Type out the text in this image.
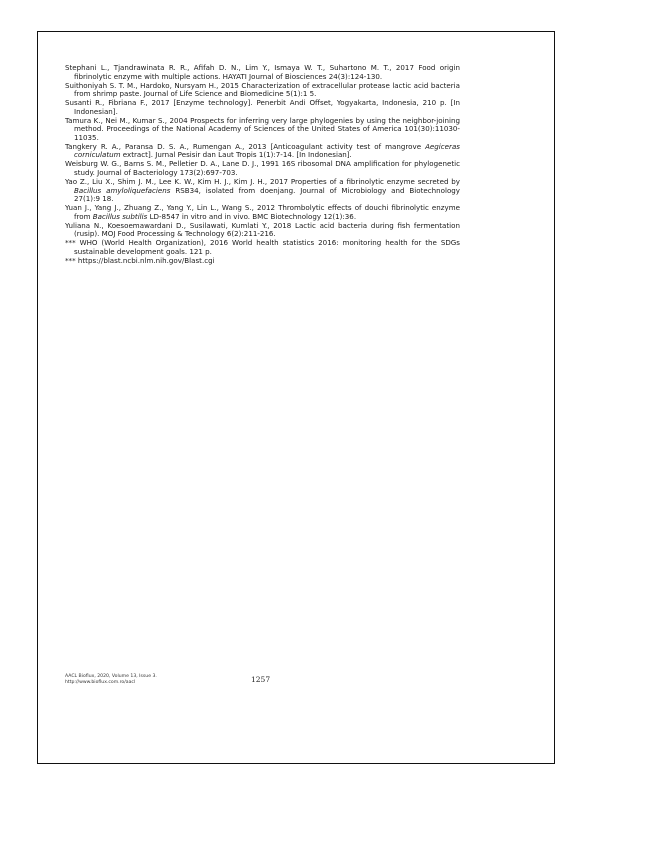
Stephani L., Tjandrawinata R. R., Afifah D. N., Lim Y., Ismaya W. T., Suhartono M. T., 2017 Food origin fibrinolytic enzyme with multiple actions. HAYATI Journal of Biosciences 24(3):124-130.
Suithoniyah S. T. M., Hardoko, Nursyam H., 2015 Characterization of extracellular protease lactic acid bacteria from shrimp paste. Journal of Life Science and Biomedicine 5(1):1 5.
Susanti R., Fibriana F., 2017 [Enzyme technology]. Penerbit Andi Offset, Yogyakarta, Indonesia, 210 p. [In Indonesian].
Tamura K., Nei M., Kumar S., 2004 Prospects for inferring very large phylogenies by using the neighbor-joining method. Proceedings of the National Academy of Sciences of the United States of America 101(30):11030-11035.
Tangkery R. A., Paransa D. S. A., Rumengan A., 2013 [Anticoagulant activity test of mangrove Aegiceras corniculatum extract]. Jurnal Pesisir dan Laut Tropis 1(1):7-14. [In Indonesian].
Weisburg W. G., Barns S. M., Pelletier D. A., Lane D. J., 1991 16S ribosomal DNA amplification for phylogenetic study. Journal of Bacteriology 173(2):697-703.
Yao Z., Liu X., Shim J. M., Lee K. W., Kim H. J., Kim J. H., 2017 Properties of a fibrinolytic enzyme secreted by Bacillus amyloliquefaciens RSB34, isolated from doenjang. Journal of Microbiology and Biotechnology 27(1):9 18.
Yuan J., Yang J., Zhuang Z., Yang Y., Lin L., Wang S., 2012 Thrombolytic effects of douchi fibrinolytic enzyme from Bacillus subtilis LD-8547 in vitro and in vivo. BMC Biotechnology 12(1):36.
Yuliana N., Koesoemawardani D., Susilawati, Kumlati Y., 2018 Lactic acid bacteria during fish fermentation (rusip). MOJ Food Processing & Technology 6(2):211-216.
*** WHO (World Health Organization), 2016 World health statistics 2016: monitoring health for the SDGs sustainable development goals. 121 p.
*** https://blast.ncbi.nlm.nih.gov/Blast.cgi
AACL Bioflux, 2020, Volume 13, Issue 3.
http://www.bioflux.com.ro/aacl	1257
